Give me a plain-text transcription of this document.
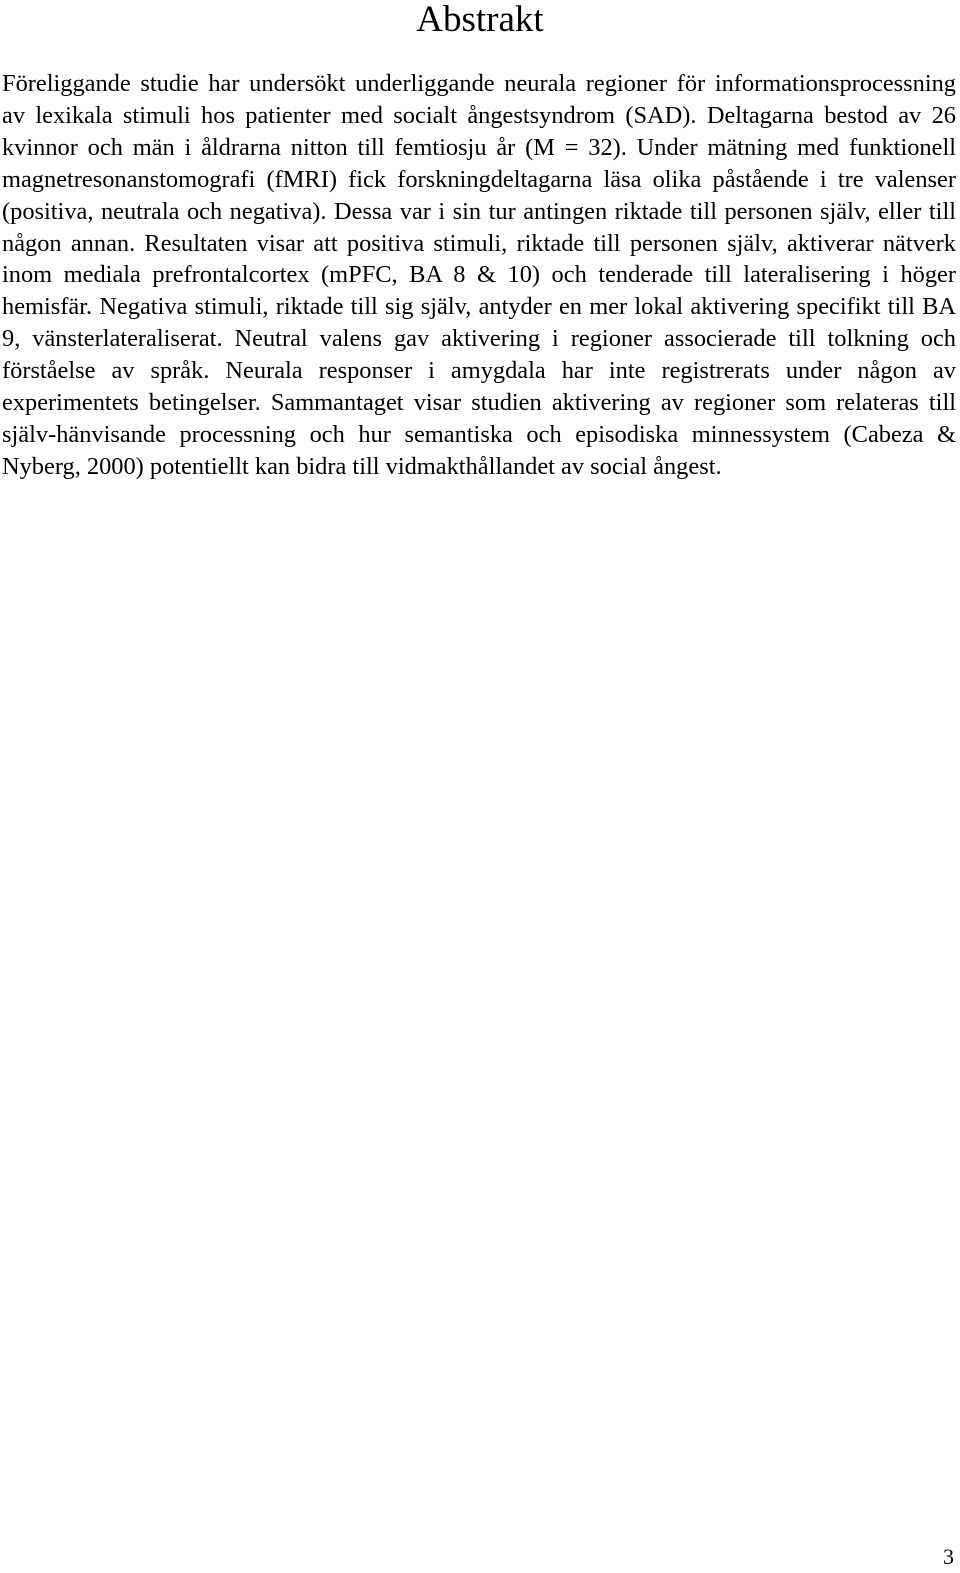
Abstrakt

Föreliggande studie har undersökt underliggande neurala regioner för informationsprocessning av lexikala stimuli hos patienter med socialt ångestsyndrom (SAD). Deltagarna bestod av 26 kvinnor och män i åldrarna nitton till femtiosju år (M = 32). Under mätning med funktionell magnetresonanstomografi (fMRI) fick forskningdeltagarna läsa olika påstående i tre valenser (positiva, neutrala och negativa). Dessa var i sin tur antingen riktade till personen själv, eller till någon annan. Resultaten visar att positiva stimuli, riktade till personen själv, aktiverar nätverk inom mediala prefrontalcortex (mPFC, BA 8 & 10) och tenderade till lateralisering i höger hemisfär. Negativa stimuli, riktade till sig själv, antyder en mer lokal aktivering specifikt till BA 9, vänsterlateraliserat. Neutral valens gav aktivering i regioner associerade till tolkning och förståelse av språk. Neurala responser i amygdala har inte registrerats under någon av experimentets betingelser. Sammantaget visar studien aktivering av regioner som relateras till själv-hänvisande processning och hur semantiska och episodiska minnessystem (Cabeza & Nyberg, 2000) potentiellt kan bidra till vidmakthållandet av social ångest.

3
